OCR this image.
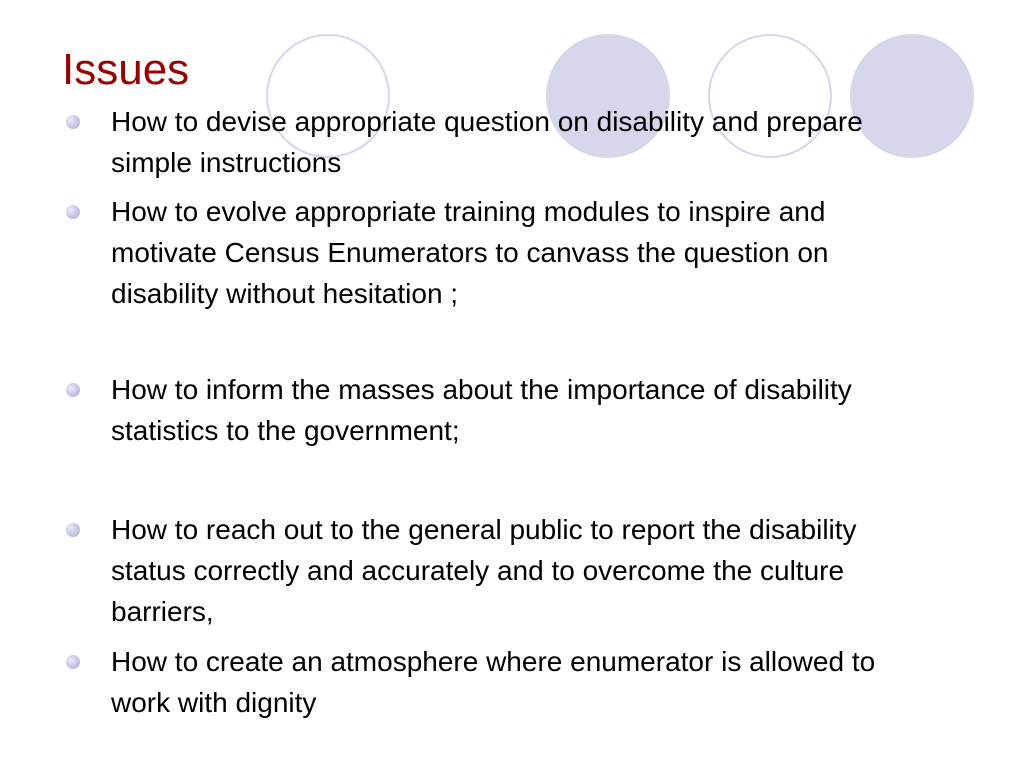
Issues
How to devise appropriate question on disability and prepare simple instructions
How to evolve appropriate training modules to inspire and motivate Census Enumerators to canvass the question on disability without hesitation ;
How to inform the masses about the importance of disability statistics to the government;
How to reach out to the general public to report the disability status correctly and accurately and to overcome the culture barriers,
How to create an atmosphere where enumerator is allowed to work with dignity
